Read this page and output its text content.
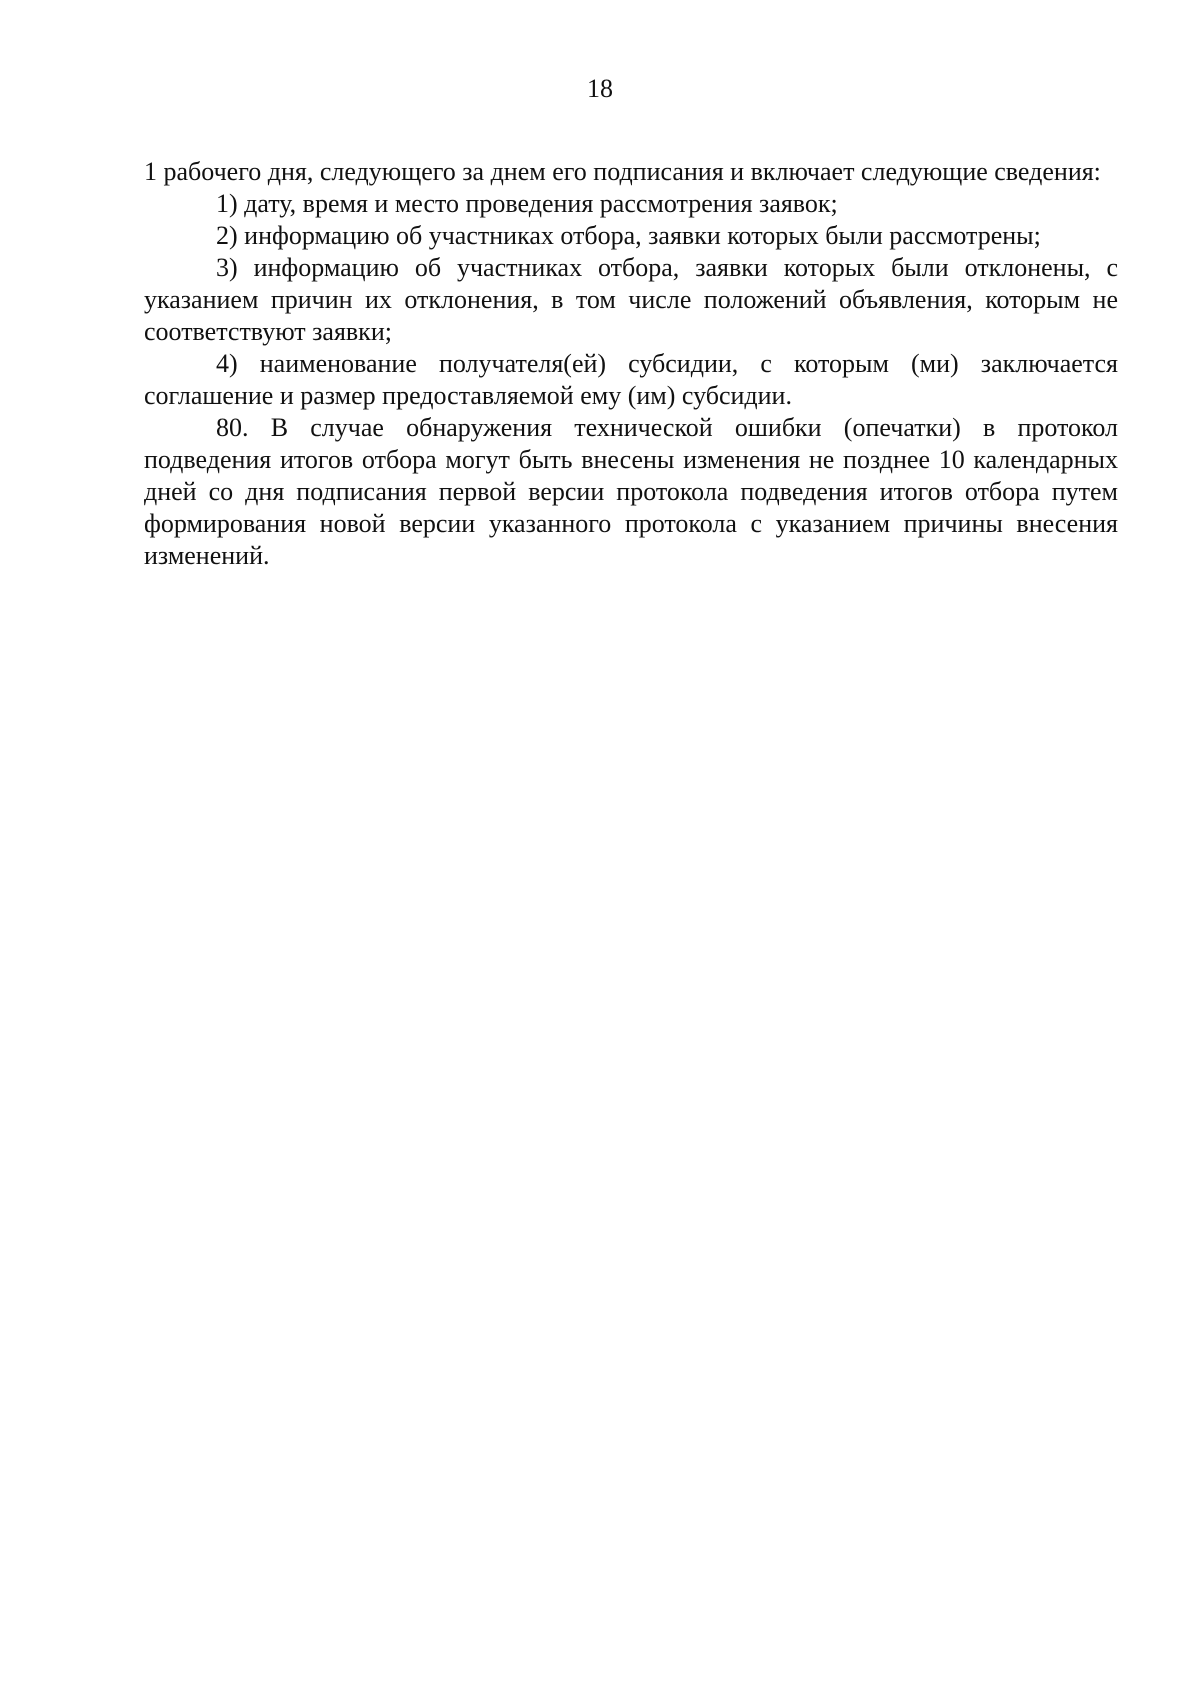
18

1 рабочего дня, следующего за днем его подписания и включает следующие сведения:

1) дату, время и место проведения рассмотрения заявок;

2) информацию об участниках отбора, заявки которых были рассмотрены;

3) информацию об участниках отбора, заявки которых были отклонены, с указанием причин их отклонения, в том числе положений объявления, которым не соответствуют заявки;

4) наименование получателя(ей) субсидии, с которым (ми) заключается соглашение и размер предоставляемой ему (им) субсидии.

80. В случае обнаружения технической ошибки (опечатки) в протокол подведения итогов отбора могут быть внесены изменения не позднее 10 календарных дней со дня подписания первой версии протокола подведения итогов отбора путем формирования новой версии указанного протокола с указанием причины внесения изменений.
